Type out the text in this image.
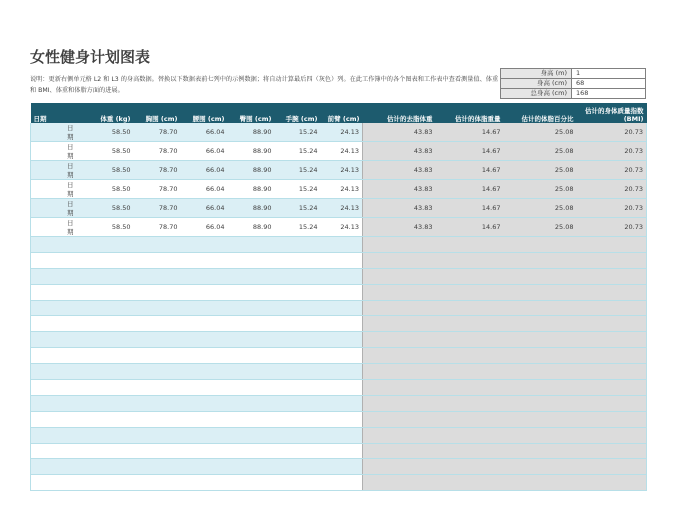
女性健身计划图表
说明：更新右侧单元格 L2 和 L3 的身高数据。替换以下数据表前七列中的示例数据；将自动计算最后四（灰色）列。在此工作簿中的各个图表和工作表中查看测量值、体重和 BMI、体重和体脂方面的进展。
身高 (m)	1
身高 (cm)	68
总身高 (cm)	168
日期	体重 (kg)	胸围 (cm)	腰围 (cm)	臀围 (cm)	手腕 (cm)	前臂 (cm)	估计的去脂体重	估计的体脂重量	估计的体脂百分比	估计的身体质量指数 (BMI)
日期	58.50	78.70	66.04	88.90	15.24	24.13	43.83	14.67	25.08	20.73
日期	58.50	78.70	66.04	88.90	15.24	24.13	43.83	14.67	25.08	20.73
日期	58.50	78.70	66.04	88.90	15.24	24.13	43.83	14.67	25.08	20.73
日期	58.50	78.70	66.04	88.90	15.24	24.13	43.83	14.67	25.08	20.73
日期	58.50	78.70	66.04	88.90	15.24	24.13	43.83	14.67	25.08	20.73
日期	58.50	78.70	66.04	88.90	15.24	24.13	43.83	14.67	25.08	20.73
